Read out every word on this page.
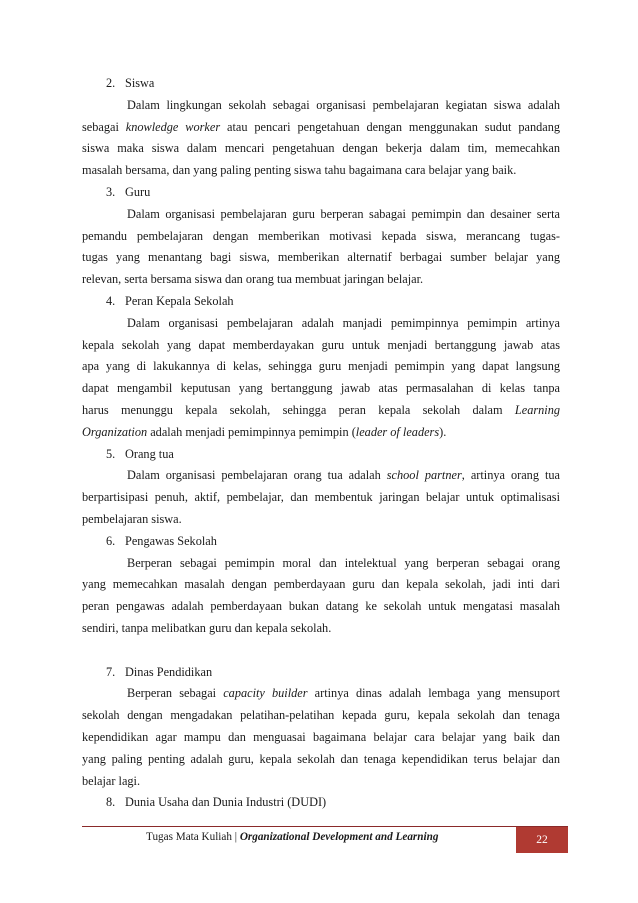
2. Siswa
Dalam lingkungan sekolah sebagai organisasi pembelajaran kegiatan siswa adalah
sebagai knowledge worker atau pencari pengetahuan dengan menggunakan sudut pandang
siswa maka siswa dalam mencari pengetahuan dengan bekerja dalam tim, memecahkan
masalah bersama, dan yang paling penting siswa tahu bagaimana cara belajar yang baik.
3. Guru
Dalam organisasi pembelajaran guru berperan sabagai pemimpin dan desainer serta
pemandu pembelajaran dengan memberikan motivasi kepada siswa, merancang tugas-
tugas yang menantang bagi siswa, memberikan alternatif berbagai sumber belajar yang
relevan, serta bersama siswa dan orang tua membuat jaringan belajar.
4. Peran Kepala Sekolah
Dalam organisasi pembelajaran adalah manjadi pemimpinnya pemimpin artinya
kepala sekolah yang dapat memberdayakan guru untuk menjadi bertanggung jawab atas
apa yang di lakukannya di kelas, sehingga guru menjadi pemimpin yang dapat langsung
dapat mengambil keputusan yang bertanggung jawab atas permasalahan di kelas tanpa
harus menunggu kepala sekolah, sehingga peran kepala sekolah dalam Learning
Organization adalah menjadi pemimpinnya pemimpin (leader of leaders).
5. Orang tua
Dalam organisasi pembelajaran orang tua adalah school partner, artinya orang tua
berpartisipasi penuh, aktif, pembelajar, dan membentuk jaringan belajar untuk optimalisasi
pembelajaran siswa.
6. Pengawas Sekolah
Berperan sebagai pemimpin moral dan intelektual yang berperan sebagai orang
yang memecahkan masalah dengan pemberdayaan guru dan kepala sekolah, jadi inti dari
peran pengawas adalah pemberdayaan bukan datang ke sekolah untuk mengatasi masalah
sendiri, tanpa melibatkan guru dan kepala sekolah.
7. Dinas Pendidikan
Berperan sebagai capacity builder artinya dinas adalah lembaga yang mensuport
sekolah dengan mengadakan pelatihan-pelatihan kepada guru, kepala sekolah dan tenaga
kependidikan agar mampu dan menguasai bagaimana belajar cara belajar yang baik dan
yang paling penting adalah guru, kepala sekolah dan tenaga kependidikan terus belajar dan
belajar lagi.
8. Dunia Usaha dan Dunia Industri (DUDI)
Tugas Mata Kuliah | Organizational Development and Learning	22
